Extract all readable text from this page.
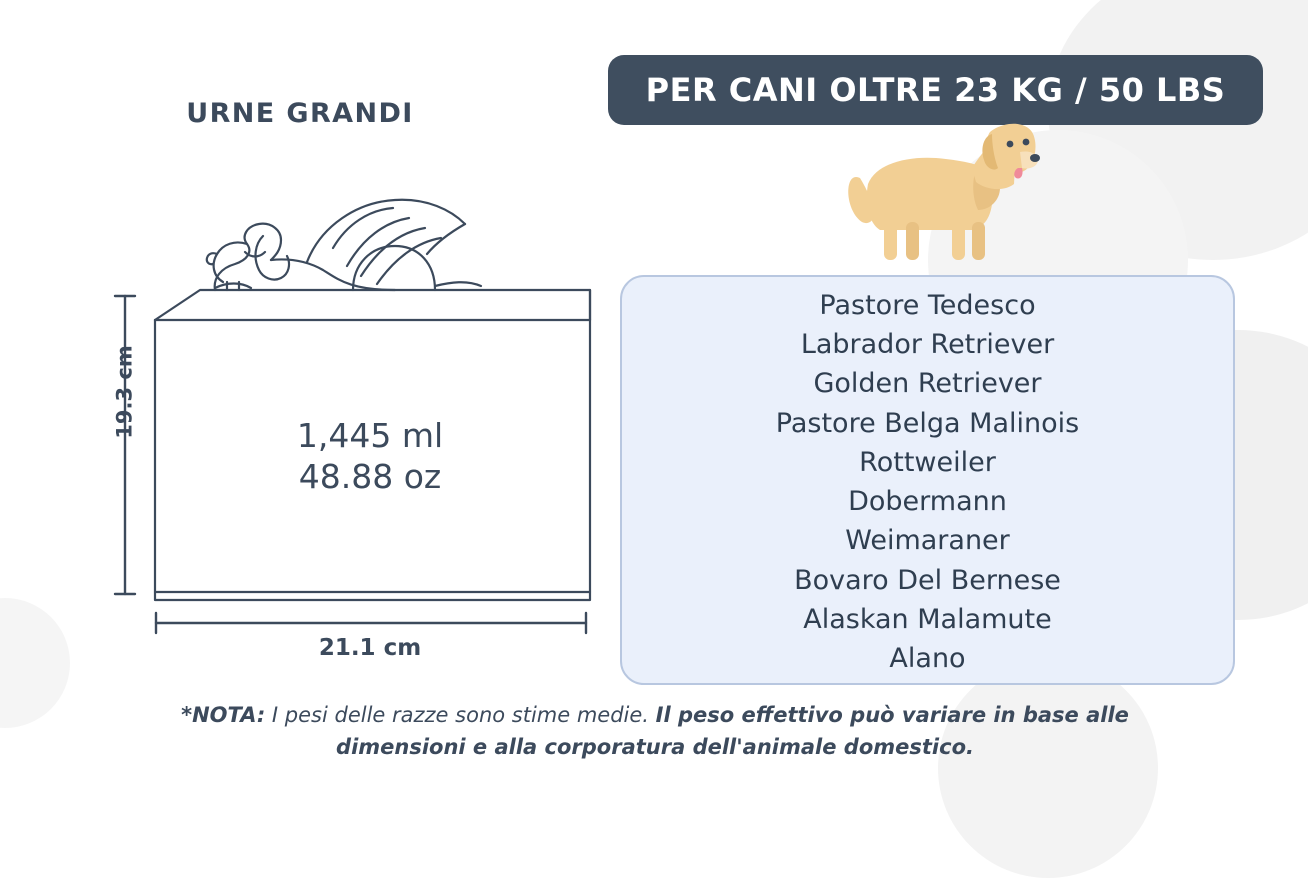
URNE GRANDI
19.3 cm
21.1 cm
1,445 ml
48.88 oz
PER CANI OLTRE 23 KG / 50 LBS
Pastore Tedesco
Labrador Retriever
Golden Retriever
Pastore Belga Malinois
Rottweiler
Dobermann
Weimaraner
Bovaro Del Bernese
Alaskan Malamute
Alano
*NOTA: I pesi delle razze sono stime medie. Il peso effettivo può variare in base alle dimensioni e alla corporatura dell'animale domestico.
